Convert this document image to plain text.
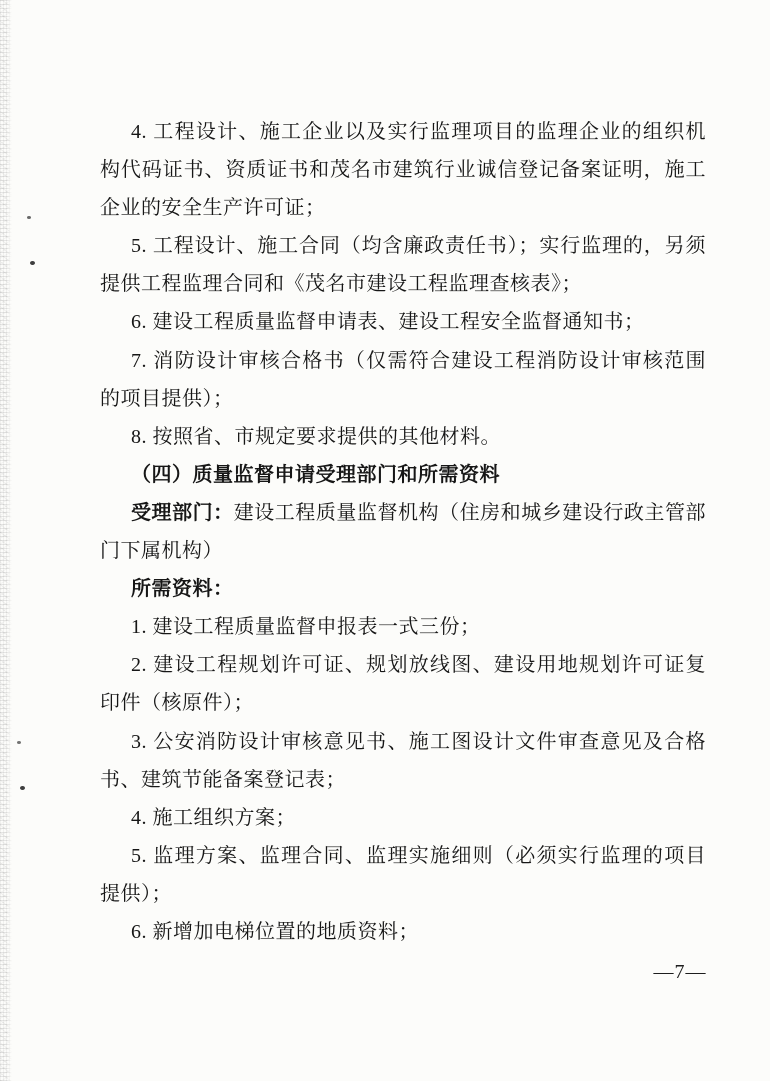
4. 工程设计、施工企业以及实行监理项目的监理企业的组织机
构代码证书、资质证书和茂名市建筑行业诚信登记备案证明，施工
企业的安全生产许可证；
5. 工程设计、施工合同（均含廉政责任书）；实行监理的，另须
提供工程监理合同和《茂名市建设工程监理查核表》；
6. 建设工程质量监督申请表、建设工程安全监督通知书；
7. 消防设计审核合格书（仅需符合建设工程消防设计审核范围
的项目提供）；
8. 按照省、市规定要求提供的其他材料。
（四）质量监督申请受理部门和所需资料
受理部门：建设工程质量监督机构（住房和城乡建设行政主管部
门下属机构）
所需资料：
1. 建设工程质量监督申报表一式三份；
2. 建设工程规划许可证、规划放线图、建设用地规划许可证复
印件（核原件）；
3. 公安消防设计审核意见书、施工图设计文件审查意见及合格
书、建筑节能备案登记表；
4. 施工组织方案；
5. 监理方案、监理合同、监理实施细则（必须实行监理的项目
提供）；
6. 新增加电梯位置的地质资料；
—7—
